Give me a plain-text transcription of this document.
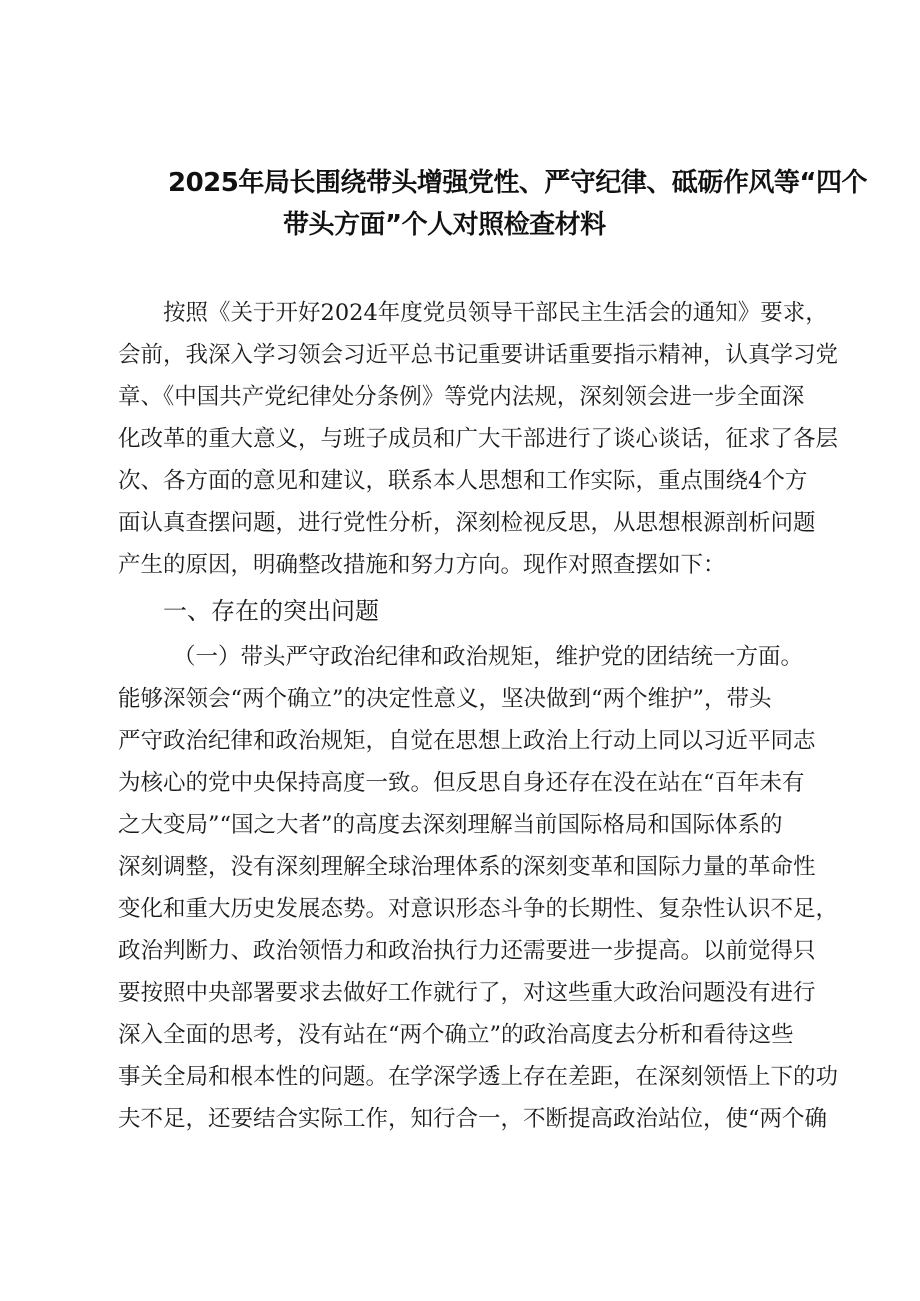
2025年局长围绕带头增强党性、严守纪律、砥砺作风等“四个
带头方面”个人对照检查材料
按照《关于开好2024年度党员领导干部民主生活会的通知》要求，
会前，我深入学习领会习近平总书记重要讲话重要指示精神，认真学习党
章、《中国共产党纪律处分条例》等党内法规，深刻领会进一步全面深
化改革的重大意义，与班子成员和广大干部进行了谈心谈话，征求了各层
次、各方面的意见和建议，联系本人思想和工作实际，重点围绕4个方
面认真查摆问题，进行党性分析，深刻检视反思，从思想根源剖析问题
产生的原因，明确整改措施和努力方向。现作对照查摆如下：
一、存在的突出问题
（一）带头严守政治纪律和政治规矩，维护党的团结统一方面。
能够深领会“两个确立”的决定性意义，坚决做到“两个维护”，带头
严守政治纪律和政治规矩，自觉在思想上政治上行动上同以习近平同志
为核心的党中央保持高度一致。但反思自身还存在没在站在“百年未有
之大变局”“国之大者”的高度去深刻理解当前国际格局和国际体系的
深刻调整，没有深刻理解全球治理体系的深刻变革和国际力量的革命性
变化和重大历史发展态势。对意识形态斗争的长期性、复杂性认识不足，
政治判断力、政治领悟力和政治执行力还需要进一步提高。以前觉得只
要按照中央部署要求去做好工作就行了，对这些重大政治问题没有进行
深入全面的思考，没有站在“两个确立”的政治高度去分析和看待这些
事关全局和根本性的问题。在学深学透上存在差距，在深刻领悟上下的功
夫不足，还要结合实际工作，知行合一，不断提高政治站位，使“两个确
